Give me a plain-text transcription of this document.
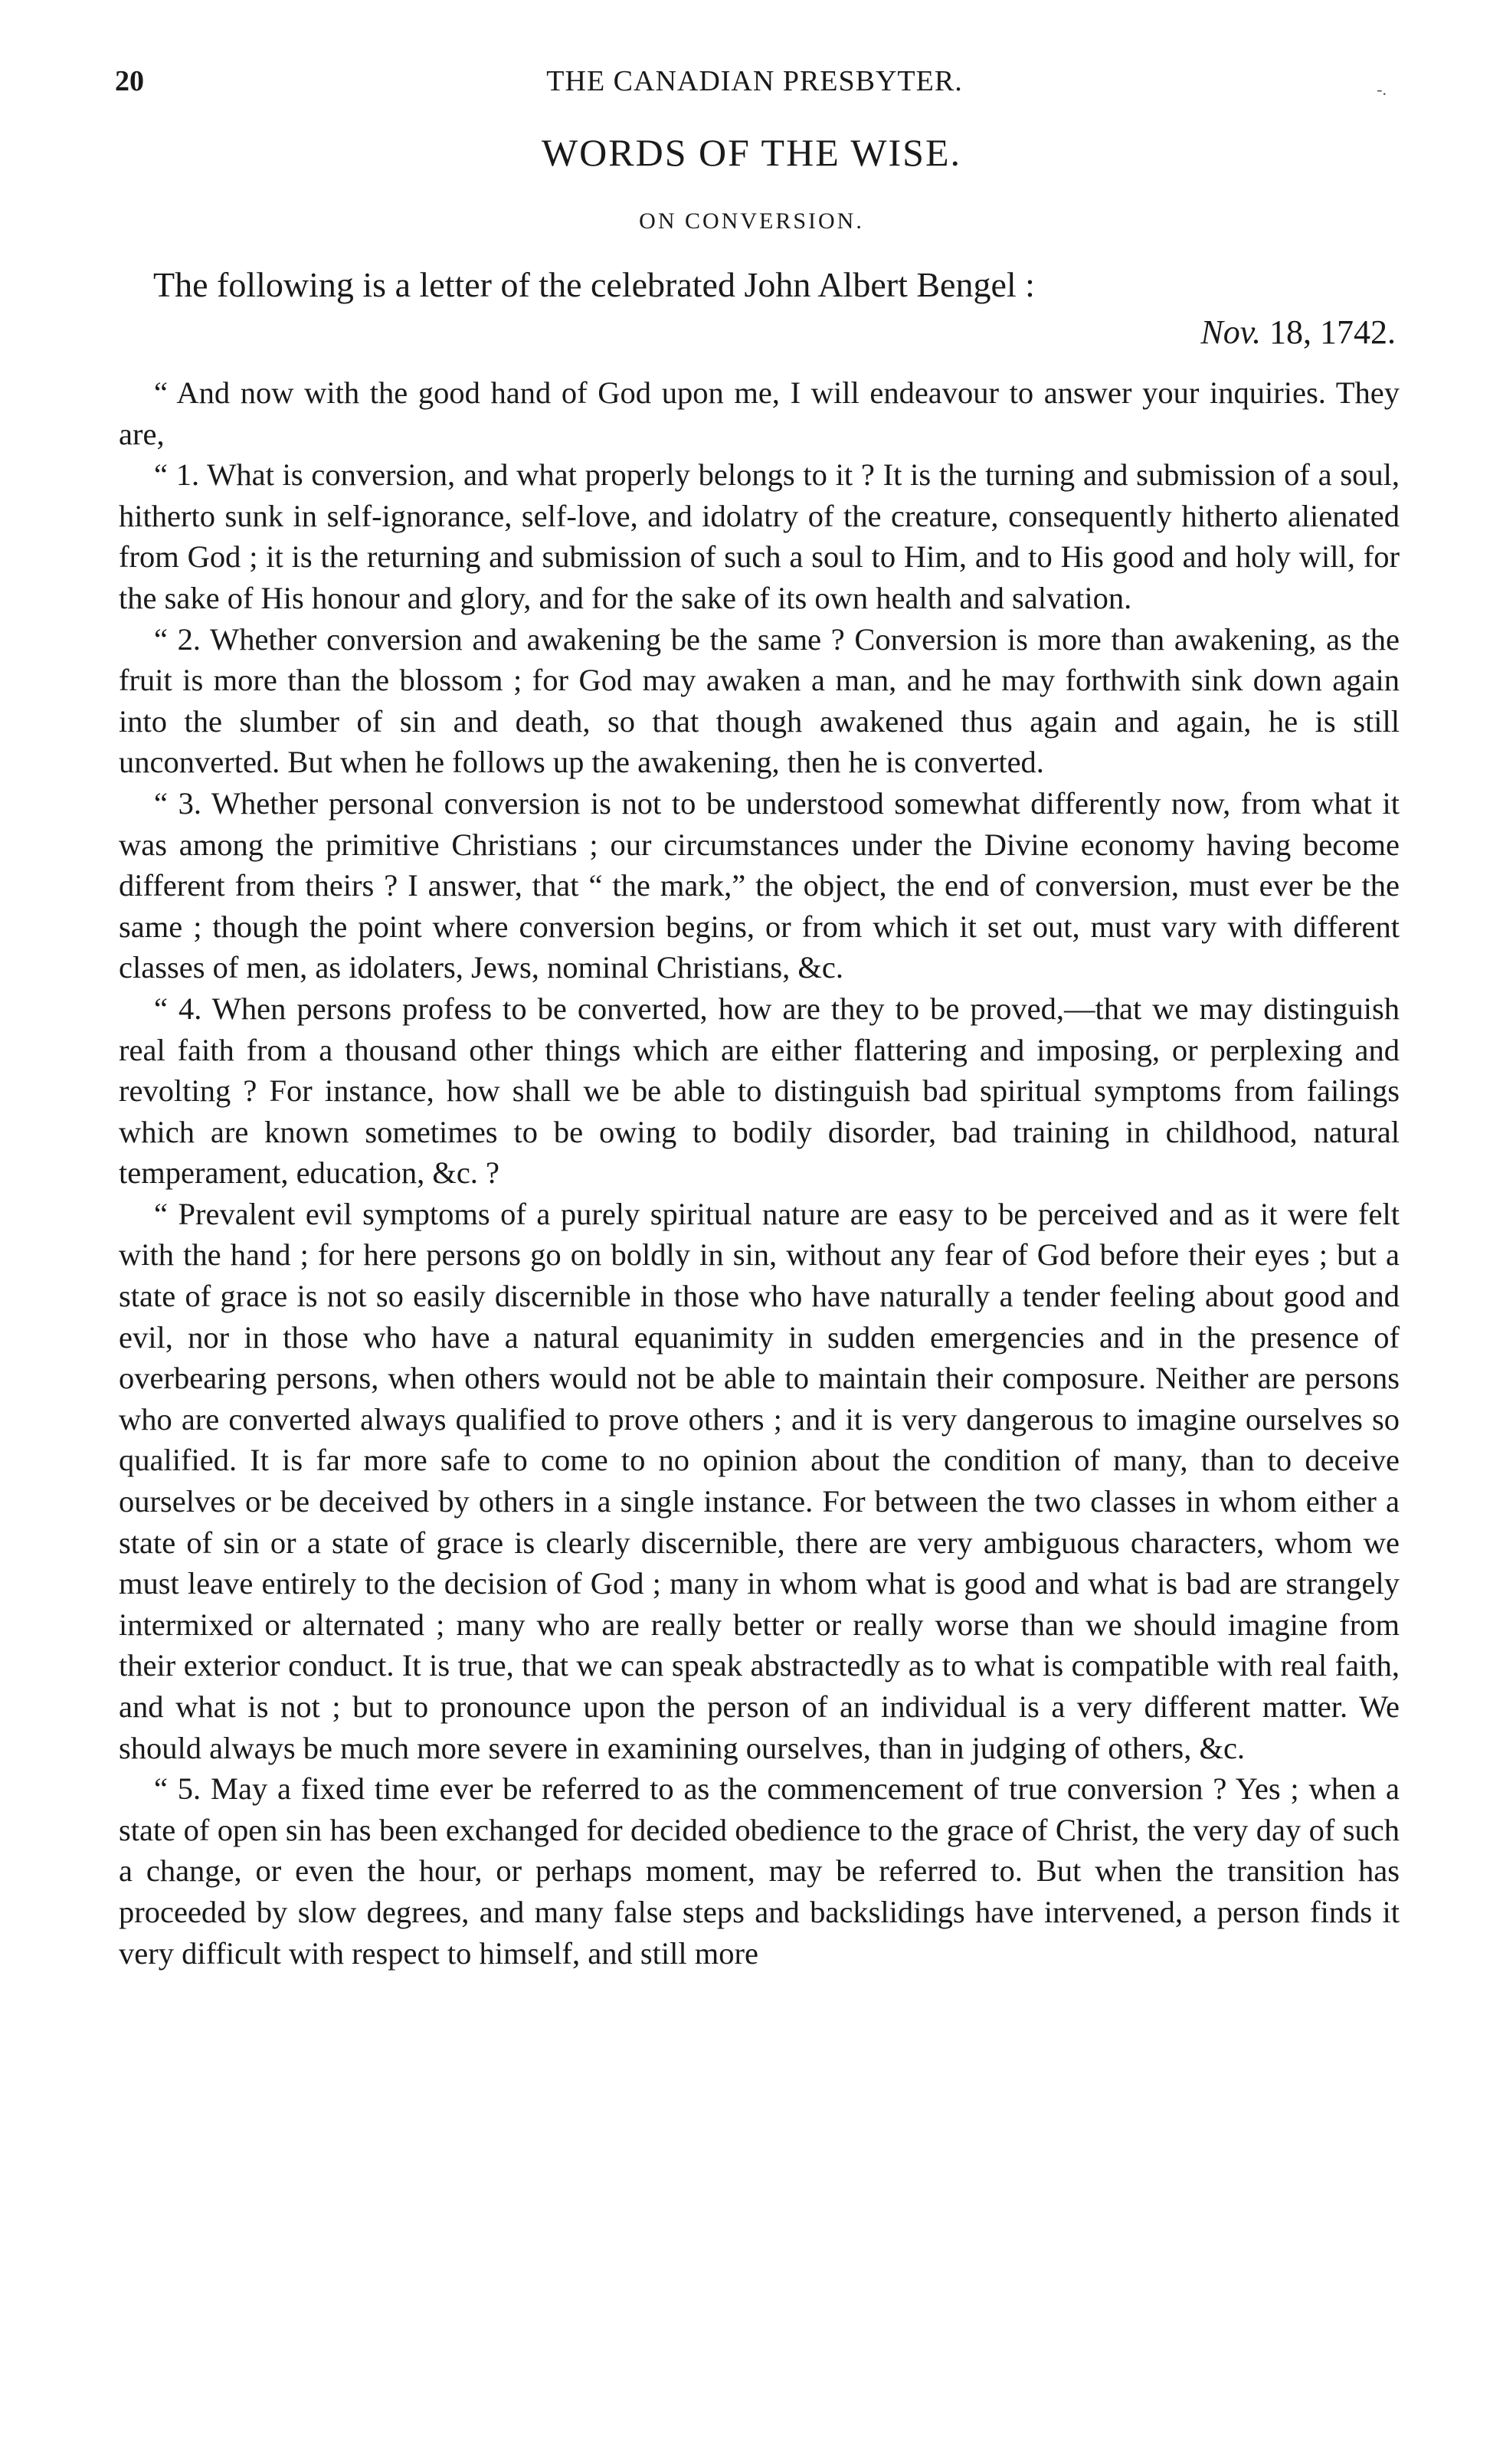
20	THE CANADIAN PRESBYTER.	-.
WORDS OF THE WISE.
ON CONVERSION.
The following is a letter of the celebrated John Albert Bengel :
Nov. 18, 1742.

“ And now with the good hand of God upon me, I will endeavour to answer your inquiries. They are,

“ 1. What is conversion, and what properly belongs to it ? It is the turning and submission of a soul, hitherto sunk in self-ignorance, self-love, and idolatry of the creature, consequently hitherto alienated from God ; it is the returning and submission of such a soul to Him, and to His good and holy will, for the sake of His honour and glory, and for the sake of its own health and salvation.

“ 2. Whether conversion and awakening be the same ? Conversion is more than awakening, as the fruit is more than the blossom ; for God may awaken a man, and he may forthwith sink down again into the slumber of sin and death, so that though awakened thus again and again, he is still unconverted. But when he follows up the awakening, then he is converted.

“ 3. Whether personal conversion is not to be understood somewhat differently now, from what it was among the primitive Christians ; our circumstances under the Divine economy having become different from theirs ? I answer, that “ the mark,” the object, the end of conversion, must ever be the same ; though the point where conversion begins, or from which it set out, must vary with different classes of men, as idolaters, Jews, nominal Christians, &c.

“ 4. When persons profess to be converted, how are they to be proved,—that we may distinguish real faith from a thousand other things which are either flattering and imposing, or perplexing and revolting ? For instance, how shall we be able to distinguish bad spiritual symptoms from failings which are known sometimes to be owing to bodily disorder, bad training in childhood, natural temperament, education, &c. ?

“ Prevalent evil symptoms of a purely spiritual nature are easy to be perceived and as it were felt with the hand ; for here persons go on boldly in sin, without any fear of God before their eyes ; but a state of grace is not so easily discernible in those who have naturally a tender feeling about good and evil, nor in those who have a natural equanimity in sudden emergencies and in the presence of overbearing persons, when others would not be able to maintain their composure. Neither are persons who are converted always qualified to prove others ; and it is very dangerous to imagine ourselves so qualified. It is far more safe to come to no opinion about the condition of many, than to deceive ourselves or be deceived by others in a single instance. For between the two classes in whom either a state of sin or a state of grace is clearly discernible, there are very ambiguous characters, whom we must leave entirely to the decision of God ; many in whom what is good and what is bad are strangely intermixed or alternated ; many who are really better or really worse than we should imagine from their exterior conduct. It is true, that we can speak abstractedly as to what is compatible with real faith, and what is not ; but to pronounce upon the person of an individual is a very different matter. We should always be much more severe in examining ourselves, than in judging of others, &c.

“ 5. May a fixed time ever be referred to as the commencement of true conversion ? Yes ; when a state of open sin has been exchanged for decided obedience to the grace of Christ, the very day of such a change, or even the hour, or perhaps moment, may be referred to. But when the transition has proceeded by slow degrees, and many false steps and backslidings have intervened, a person finds it very difficult with respect to himself, and still more
